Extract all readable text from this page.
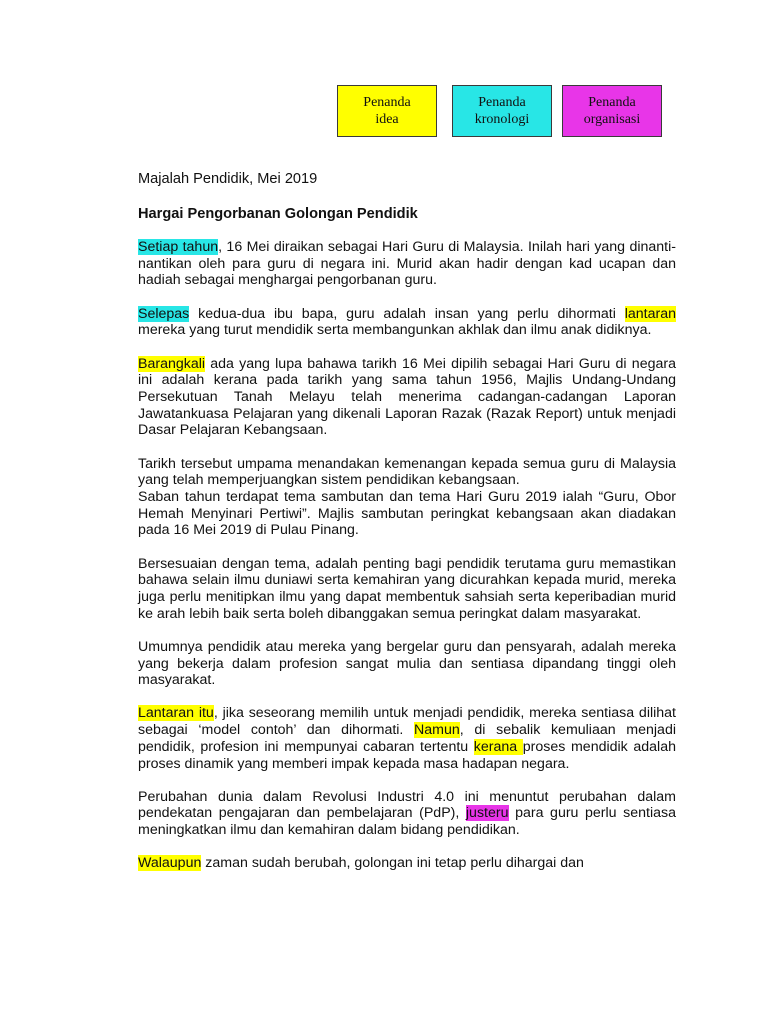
Penanda
idea
Penanda
kronologi
Penanda
organisasi

Majalah Pendidik, Mei 2019

Hargai Pengorbanan Golongan Pendidik

Setiap tahun, 16 Mei diraikan sebagai Hari Guru di Malaysia. Inilah hari yang dinanti-nantikan oleh para guru di negara ini. Murid akan hadir dengan kad ucapan dan hadiah sebagai menghargai pengorbanan guru.

Selepas kedua-dua ibu bapa, guru adalah insan yang perlu dihormati lantaran mereka yang turut mendidik serta membangunkan akhlak dan ilmu anak didiknya.

Barangkali ada yang lupa bahawa tarikh 16 Mei dipilih sebagai Hari Guru di negara ini adalah kerana pada tarikh yang sama tahun 1956, Majlis Undang-Undang Persekutuan Tanah Melayu telah menerima cadangan-cadangan Laporan Jawatankuasa Pelajaran yang dikenali Laporan Razak (Razak Report) untuk menjadi Dasar Pelajaran Kebangsaan.

Tarikh tersebut umpama menandakan kemenangan kepada semua guru di Malaysia yang telah memperjuangkan sistem pendidikan kebangsaan.

Saban tahun terdapat tema sambutan dan tema Hari Guru 2019 ialah “Guru, Obor Hemah Menyinari Pertiwi”. Majlis sambutan peringkat kebangsaan akan diadakan pada 16 Mei 2019 di Pulau Pinang.

Bersesuaian dengan tema, adalah penting bagi pendidik terutama guru memastikan bahawa selain ilmu duniawi serta kemahiran yang dicurahkan kepada murid, mereka juga perlu menitipkan ilmu yang dapat membentuk sahsiah serta keperibadian murid ke arah lebih baik serta boleh dibanggakan semua peringkat dalam masyarakat.

Umumnya pendidik atau mereka yang bergelar guru dan pensyarah, adalah mereka yang bekerja dalam profesion sangat mulia dan sentiasa dipandang tinggi oleh masyarakat.

Lantaran itu, jika seseorang memilih untuk menjadi pendidik, mereka sentiasa dilihat sebagai ‘model contoh’ dan dihormati. Namun, di sebalik kemuliaan menjadi pendidik, profesion ini mempunyai cabaran tertentu kerana proses mendidik adalah proses dinamik yang memberi impak kepada masa hadapan negara.

Perubahan dunia dalam Revolusi Industri 4.0 ini menuntut perubahan dalam pendekatan pengajaran dan pembelajaran (PdP), justeru para guru perlu sentiasa meningkatkan ilmu dan kemahiran dalam bidang pendidikan.

Walaupun zaman sudah berubah, golongan ini tetap perlu dihargai dan
